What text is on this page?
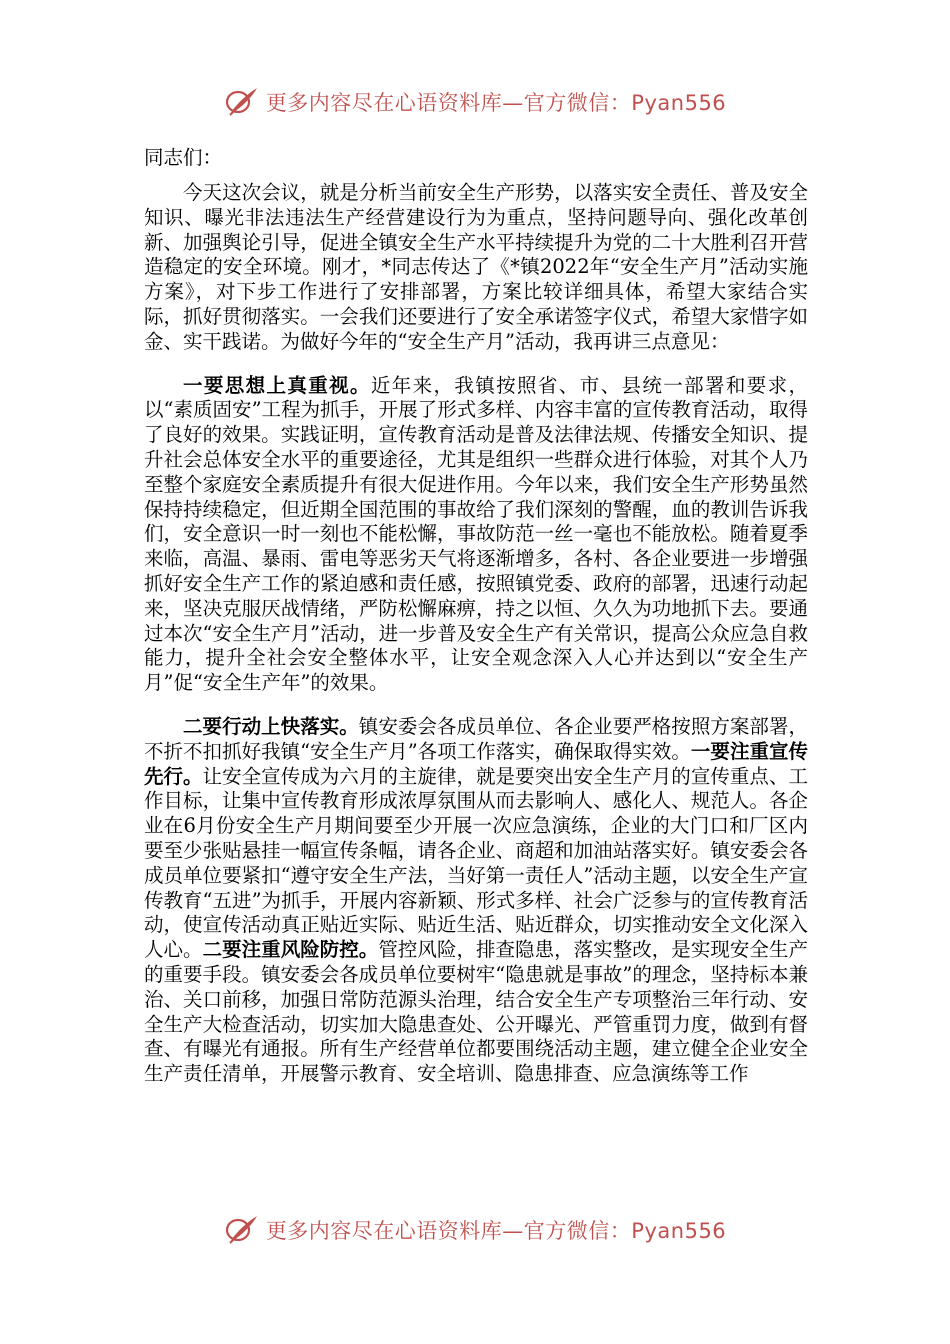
更多内容尽在心语资料库—官方微信：Pyan556
同志们：

今天这次会议，就是分析当前安全生产形势，以落实安全责任、普及安全知识、曝光非法违法生产经营建设行为为重点，坚持问题导向、强化改革创新、加强舆论引导，促进全镇安全生产水平持续提升为党的二十大胜利召开营造稳定的安全环境。刚才，*同志传达了《*镇2022年“安全生产月”活动实施方案》，对下步工作进行了安排部署，方案比较详细具体，希望大家结合实际，抓好贯彻落实。一会我们还要进行了安全承诺签字仪式，希望大家惜字如金、实干践诺。为做好今年的“安全生产月”活动，我再讲三点意见：

一要思想上真重视。近年来，我镇按照省、市、县统一部署和要求，以“素质固安”工程为抓手，开展了形式多样、内容丰富的宣传教育活动，取得了良好的效果。实践证明，宣传教育活动是普及法律法规、传播安全知识、提升社会总体安全水平的重要途径，尤其是组织一些群众进行体验，对其个人乃至整个家庭安全素质提升有很大促进作用。今年以来，我们安全生产形势虽然保持持续稳定，但近期全国范围的事故给了我们深刻的警醒，血的教训告诉我们，安全意识一时一刻也不能松懈，事故防范一丝一毫也不能放松。随着夏季来临，高温、暴雨、雷电等恶劣天气将逐渐增多，各村、各企业要进一步增强抓好安全生产工作的紧迫感和责任感，按照镇党委、政府的部署，迅速行动起来，坚决克服厌战情绪，严防松懈麻痹，持之以恒、久久为功地抓下去。要通过本次“安全生产月”活动，进一步普及安全生产有关常识，提高公众应急自救能力，提升全社会安全整体水平，让安全观念深入人心并达到以“安全生产月”促“安全生产年”的效果。

二要行动上快落实。镇安委会各成员单位、各企业要严格按照方案部署，不折不扣抓好我镇“安全生产月”各项工作落实，确保取得实效。一要注重宣传先行。让安全宣传成为六月的主旋律，就是要突出安全生产月的宣传重点、工作目标，让集中宣传教育形成浓厚氛围从而去影响人、感化人、规范人。各企业在6月份安全生产月期间要至少开展一次应急演练，企业的大门口和厂区内要至少张贴悬挂一幅宣传条幅，请各企业、商超和加油站落实好。镇安委会各成员单位要紧扣“遵守安全生产法，当好第一责任人”活动主题，以安全生产宣传教育“五进”为抓手，开展内容新颖、形式多样、社会广泛参与的宣传教育活动，使宣传活动真正贴近实际、贴近生活、贴近群众，切实推动安全文化深入人心。二要注重风险防控。管控风险，排查隐患，落实整改，是实现安全生产的重要手段。镇安委会各成员单位要树牢“隐患就是事故”的理念，坚持标本兼治、关口前移，加强日常防范源头治理，结合安全生产专项整治三年行动、安全生产大检查活动，切实加大隐患查处、公开曝光、严管重罚力度，做到有督查、有曝光有通报。所有生产经营单位都要围绕活动主题，建立健全企业安全生产责任清单，开展警示教育、安全培训、隐患排查、应急演练等工作

更多内容尽在心语资料库—官方微信：Pyan556
